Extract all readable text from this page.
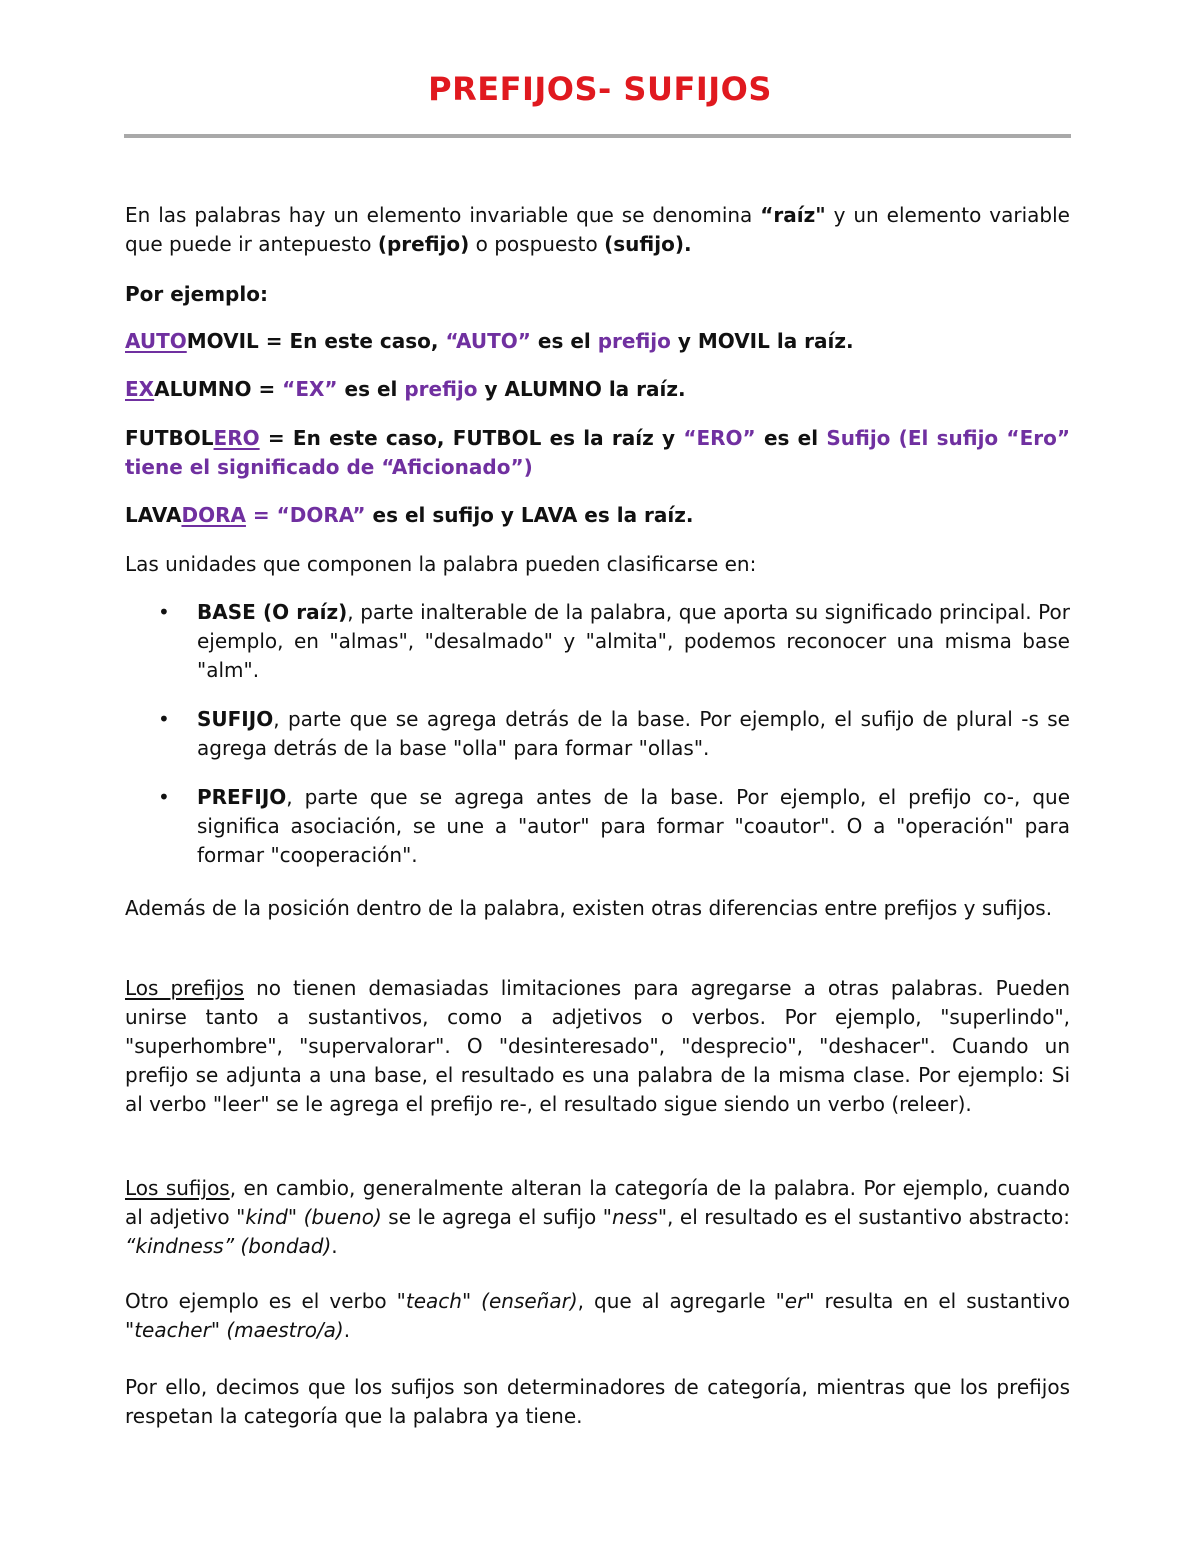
PREFIJOS- SUFIJOS

En las palabras hay un elemento invariable que se denomina “raíz" y un elemento variable que puede ir antepuesto (prefijo) o pospuesto (sufijo).

Por ejemplo:

AUTOMOVIL = En este caso, “AUTO” es el prefijo y MOVIL la raíz.

EXALUMNO = “EX” es el prefijo y ALUMNO la raíz.

FUTBOLERO = En este caso, FUTBOL es la raíz y “ERO” es el Sufijo (El sufijo “Ero” tiene el significado de “Aficionado”)

LAVADORA = “DORA” es el sufijo y LAVA es la raíz.

Las unidades que componen la palabra pueden clasificarse en:

• BASE (O raíz), parte inalterable de la palabra, que aporta su significado principal. Por ejemplo, en "almas", "desalmado" y "almita", podemos reconocer una misma base "alm".
• SUFIJO, parte que se agrega detrás de la base. Por ejemplo, el sufijo de plural -s se agrega detrás de la base "olla" para formar "ollas".
• PREFIJO, parte que se agrega antes de la base. Por ejemplo, el prefijo co-, que significa asociación, se une a "autor" para formar "coautor". O a "operación" para formar "cooperación".

Además de la posición dentro de la palabra, existen otras diferencias entre prefijos y sufijos.

Los prefijos no tienen demasiadas limitaciones para agregarse a otras palabras. Pueden unirse tanto a sustantivos, como a adjetivos o verbos. Por ejemplo, "superlindo", "superhombre", "supervalorar". O "desinteresado", "desprecio", "deshacer". Cuando un prefijo se adjunta a una base, el resultado es una palabra de la misma clase. Por ejemplo: Si al verbo "leer" se le agrega el prefijo re-, el resultado sigue siendo un verbo (releer).

Los sufijos, en cambio, generalmente alteran la categoría de la palabra. Por ejemplo, cuando al adjetivo "kind" (bueno) se le agrega el sufijo "ness", el resultado es el sustantivo abstracto: “kindness” (bondad).

Otro ejemplo es el verbo "teach" (enseñar), que al agregarle "er" resulta en el sustantivo "teacher" (maestro/a).

Por ello, decimos que los sufijos son determinadores de categoría, mientras que los prefijos respetan la categoría que la palabra ya tiene.
